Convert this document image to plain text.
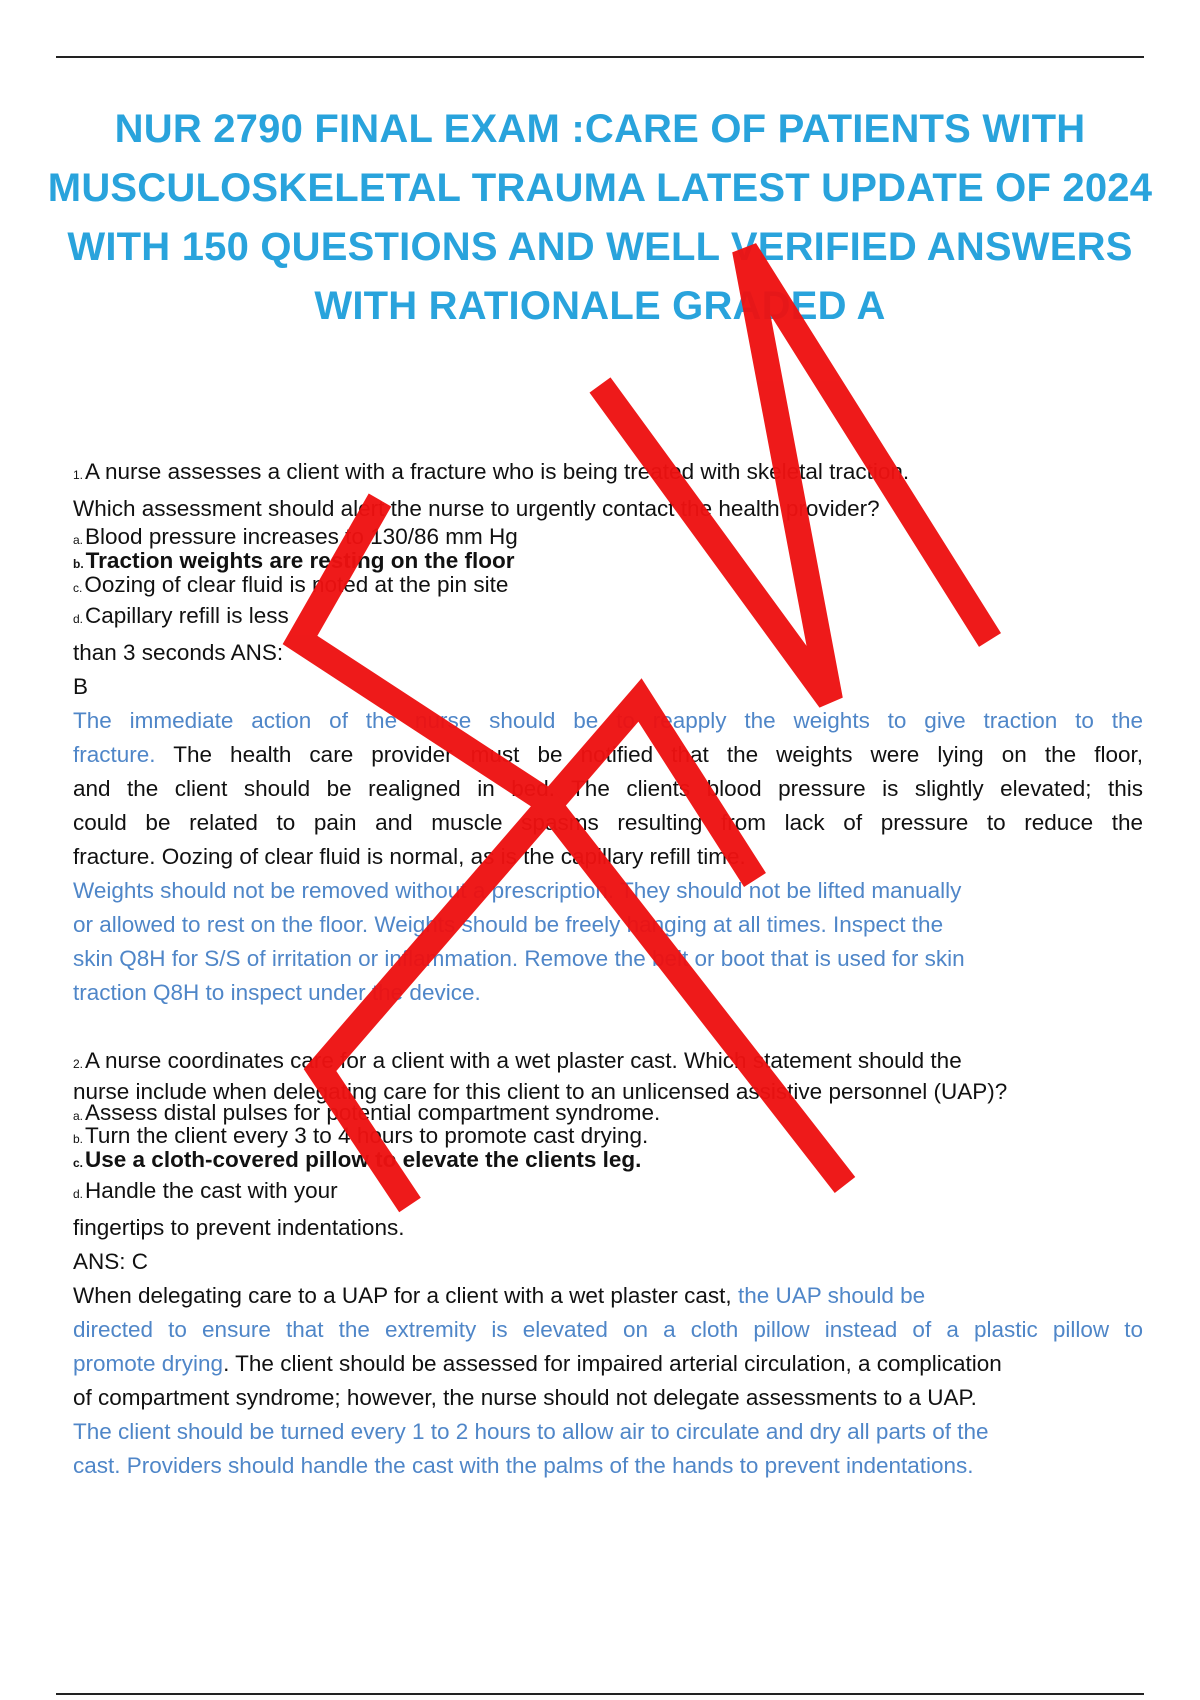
NUR 2790 FINAL EXAM :CARE OF PATIENTS WITH
MUSCULOSKELETAL TRAUMA LATEST UPDATE OF 2024
WITH 150 QUESTIONS AND WELL VERIFIED ANSWERS
WITH RATIONALE GRADED A
1.A nurse assesses a client with a fracture who is being treated with skeletal traction.
Which assessment should alert the nurse to urgently contact the health provider?
a.Blood pressure increases to 130/86 mm Hg
b.Traction weights are resting on the floor
c.Oozing of clear fluid is noted at the pin site
d.Capillary refill is less
than 3 seconds ANS:
B
The immediate action of the nurse should be to reapply the weights to give traction to the
fracture. The health care provider must be notified that the weights were lying on the floor,
and the client should be realigned in bed. The clients blood pressure is slightly elevated; this
could be related to pain and muscle spasms resulting from lack of pressure to reduce the
fracture. Oozing of clear fluid is normal, as is the capillary refill time.
Weights should not be removed without a prescription. They should not be lifted manually
or allowed to rest on the floor. Weights should be freely hanging at all times. Inspect the
skin Q8H for S/S of irritation or inflammation. Remove the belt or boot that is used for skin
traction Q8H to inspect under the device.
2.A nurse coordinates care for a client with a wet plaster cast. Which statement should the
nurse include when delegating care for this client to an unlicensed assistive personnel (UAP)?
a.Assess distal pulses for potential compartment syndrome.
b.Turn the client every 3 to 4 hours to promote cast drying.
c.Use a cloth-covered pillow to elevate the clients leg.
d.Handle the cast with your
fingertips to prevent indentations.
ANS: C
When delegating care to a UAP for a client with a wet plaster cast, the UAP should be
directed to ensure that the extremity is elevated on a cloth pillow instead of a plastic pillow to
promote drying. The client should be assessed for impaired arterial circulation, a complication
of compartment syndrome; however, the nurse should not delegate assessments to a UAP.
The client should be turned every 1 to 2 hours to allow air to circulate and dry all parts of the
cast. Providers should handle the cast with the palms of the hands to prevent indentations.
